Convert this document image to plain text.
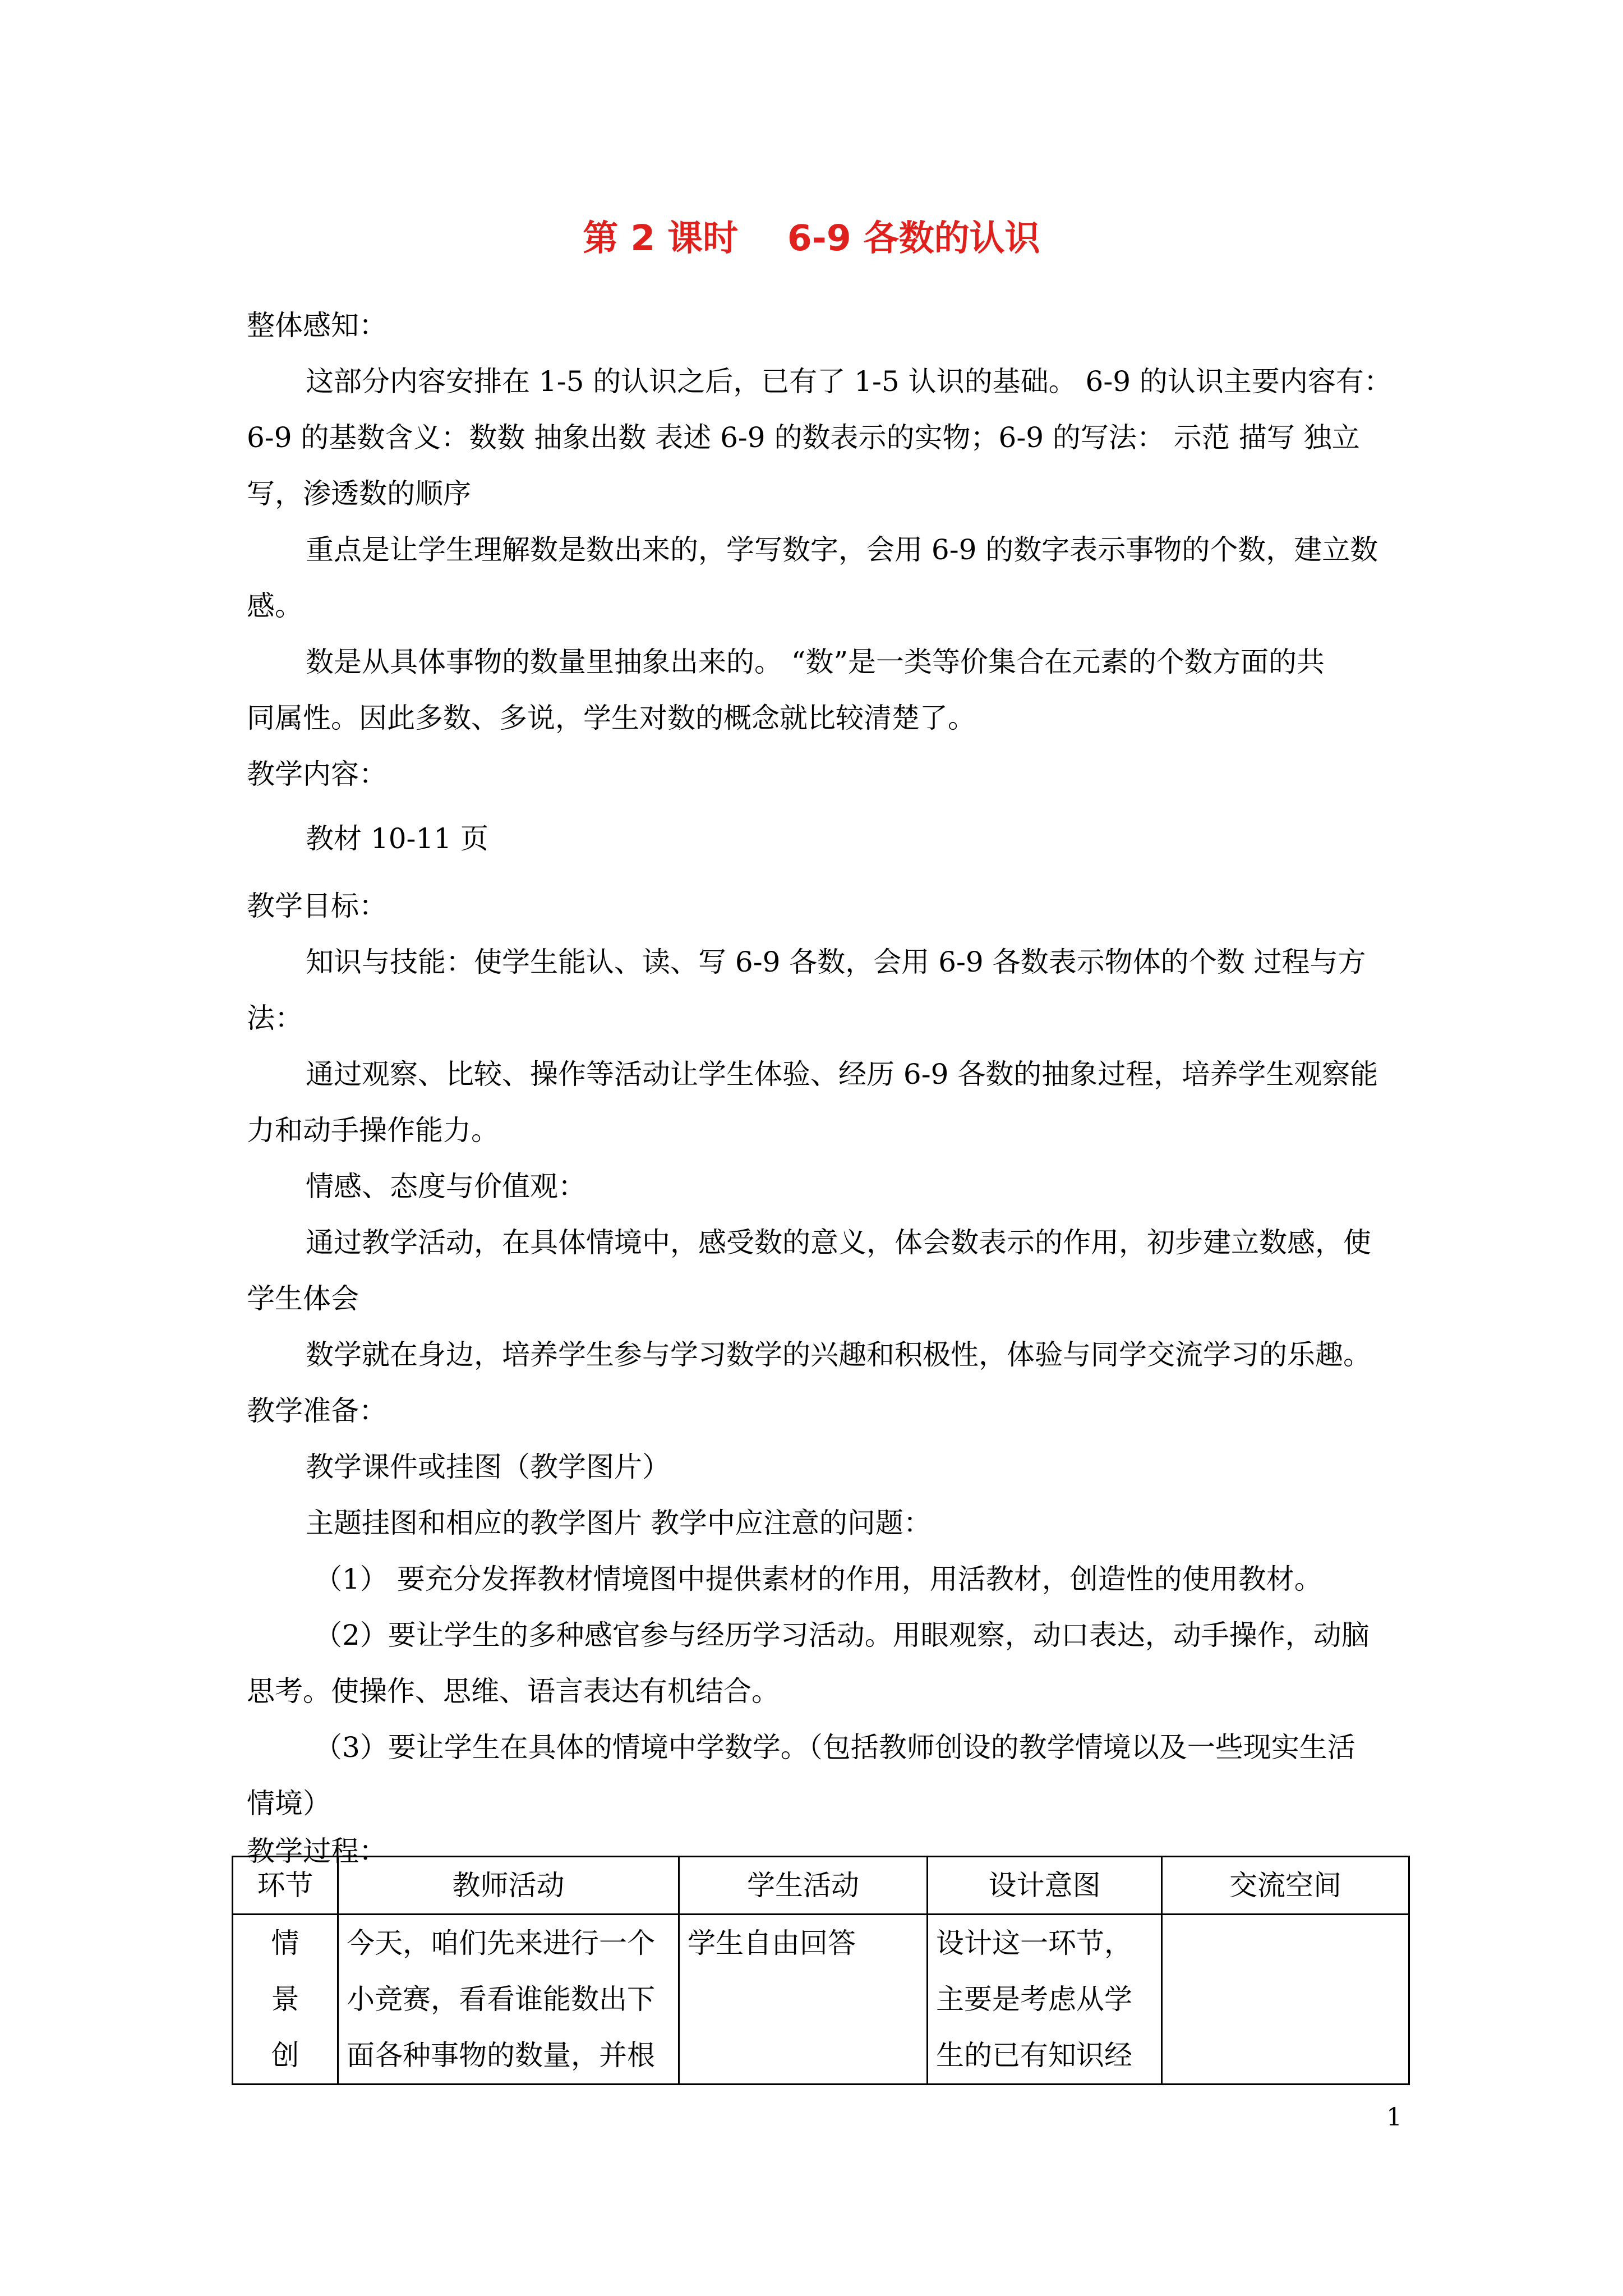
第 2 课时    6-9 各数的认识
整体感知：
这部分内容安排在 1-5 的认识之后，已有了 1-5 认识的基础。 6-9 的认识主要内容有：
6-9 的基数含义：数数 抽象出数 表述 6-9 的数表示的实物；6-9 的写法： 示范 描写 独立
写，渗透数的顺序
重点是让学生理解数是数出来的，学写数字，会用 6-9 的数字表示事物的个数，建立数
感。
数是从具体事物的数量里抽象出来的。 “数”是一类等价集合在元素的个数方面的共
同属性。因此多数、多说，学生对数的概念就比较清楚了。
教学内容：
教材 10-11 页
教学目标：
知识与技能：使学生能认、读、写 6-9 各数，会用 6-9 各数表示物体的个数 过程与方
法：
通过观察、比较、操作等活动让学生体验、经历 6-9 各数的抽象过程，培养学生观察能
力和动手操作能力。
情感、态度与价值观：
通过教学活动，在具体情境中，感受数的意义，体会数表示的作用，初步建立数感，使
学生体会
数学就在身边，培养学生参与学习数学的兴趣和积极性，体验与同学交流学习的乐趣。
教学准备：
教学课件或挂图（教学图片）
主题挂图和相应的教学图片 教学中应注意的问题：
（1） 要充分发挥教材情境图中提供素材的作用，用活教材，创造性的使用教材。
（2）要让学生的多种感官参与经历学习活动。用眼观察，动口表达，动手操作，动脑
思考。使操作、思维、语言表达有机结合。
（3）要让学生在具体的情境中学数学。（包括教师创设的教学情境以及一些现实生活
情境）
教学过程：
环节	教师活动	学生活动	设计意图	交流空间

情
景
创	今天，咱们先来进行一个
小竞赛，看看谁能数出下
面各种事物的数量，并根	学生自由回答	设计这一环节，
主要是考虑从学
生的已有知识经	

1
